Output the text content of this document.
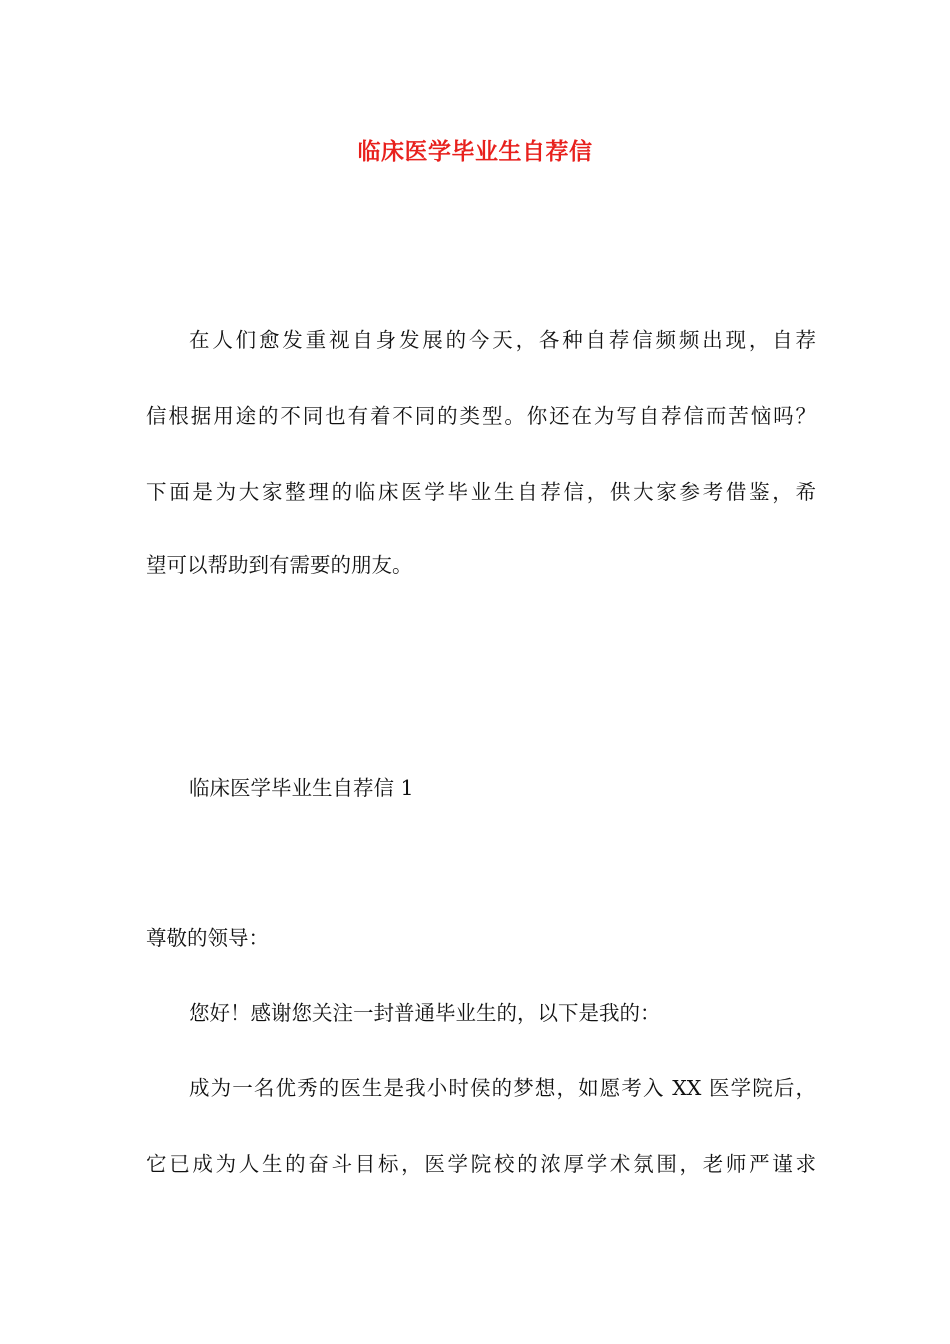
临床医学毕业生自荐信

在人们愈发重视自身发展的今天，各种自荐信频频出现，自荐

信根据用途的不同也有着不同的类型。你还在为写自荐信而苦恼吗？

下面是为大家整理的临床医学毕业生自荐信，供大家参考借鉴，希

望可以帮助到有需要的朋友。

临床医学毕业生自荐信 1

尊敬的领导：

您好！感谢您关注一封普通毕业生的，以下是我的：

成为一名优秀的医生是我小时侯的梦想，如愿考入 XX 医学院后，

它已成为人生的奋斗目标，医学院校的浓厚学术氛围，老师严谨求
